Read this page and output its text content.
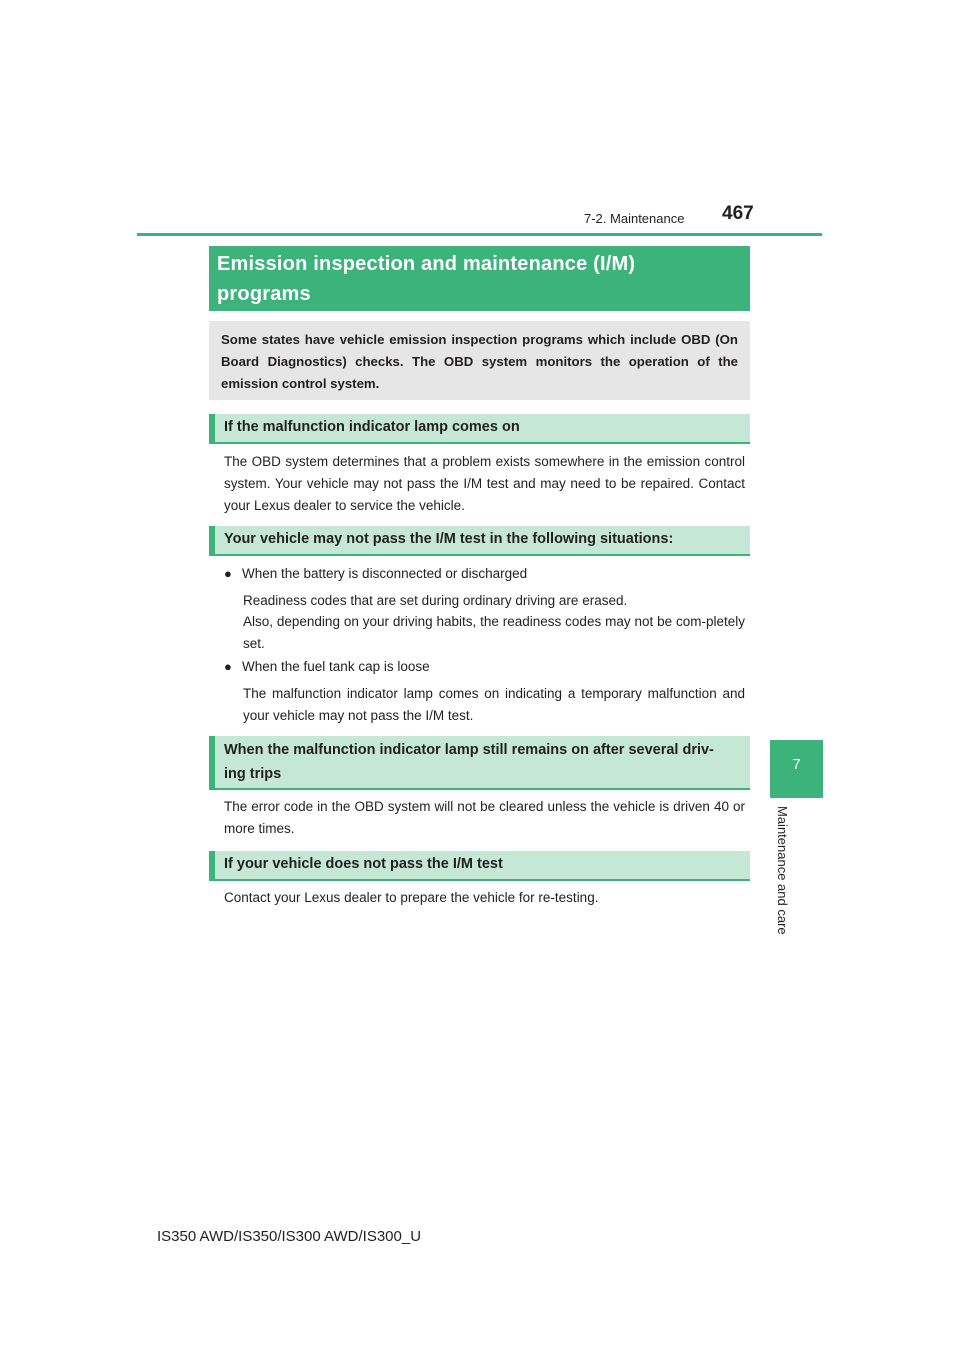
7-2. Maintenance 467
7
Maintenance and care
Emission inspection and maintenance (I/M)
programs
Some states have vehicle emission inspection programs which include OBD (On Board Diagnostics) checks. The OBD system monitors the operation of the emission control system.
If the malfunction indicator lamp comes on
The OBD system determines that a problem exists somewhere in the emission control system. Your vehicle may not pass the I/M test and may need to be repaired. Contact your Lexus dealer to service the vehicle.
Your vehicle may not pass the I/M test in the following situations:
● When the battery is disconnected or discharged
Readiness codes that are set during ordinary driving are erased.
Also, depending on your driving habits, the readiness codes may not be com-pletely set.
● When the fuel tank cap is loose
The malfunction indicator lamp comes on indicating a temporary malfunction and your vehicle may not pass the I/M test.
When the malfunction indicator lamp still remains on after several driv-
ing trips
The error code in the OBD system will not be cleared unless the vehicle is driven 40 or more times.
If your vehicle does not pass the I/M test
Contact your Lexus dealer to prepare the vehicle for re-testing.
IS350 AWD/IS350/IS300 AWD/IS300_U
